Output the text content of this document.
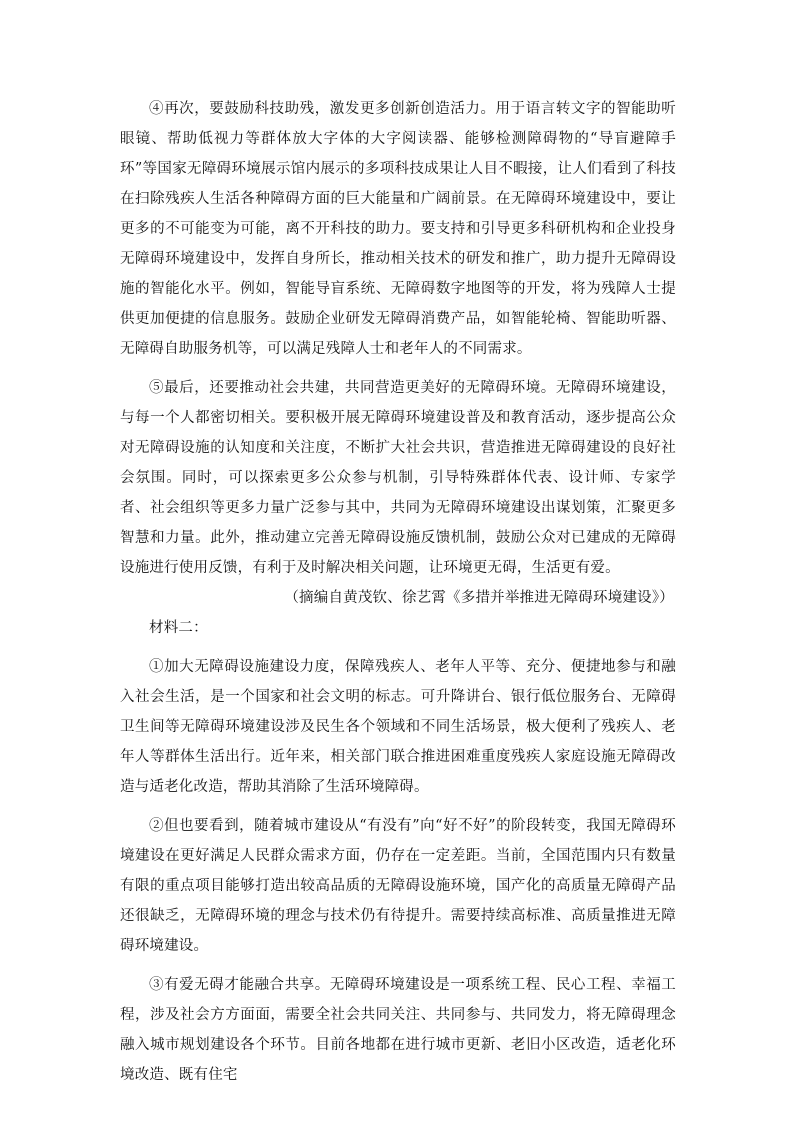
④再次，要鼓励科技助残，激发更多创新创造活力。用于语言转文字的智能助听眼镜、帮助低视力等群体放大字体的大字阅读器、能够检测障碍物的“导盲避障手环”等国家无障碍环境展示馆内展示的多项科技成果让人目不暇接，让人们看到了科技在扫除残疾人生活各种障碍方面的巨大能量和广阔前景。在无障碍环境建设中，要让更多的不可能变为可能，离不开科技的助力。要支持和引导更多科研机构和企业投身无障碍环境建设中，发挥自身所长，推动相关技术的研发和推广，助力提升无障碍设施的智能化水平。例如，智能导盲系统、无障碍数字地图等的开发，将为残障人士提供更加便捷的信息服务。鼓励企业研发无障碍消费产品，如智能轮椅、智能助听器、无障碍自助服务机等，可以满足残障人士和老年人的不同需求。

⑤最后，还要推动社会共建，共同营造更美好的无障碍环境。无障碍环境建设，与每一个人都密切相关。要积极开展无障碍环境建设普及和教育活动，逐步提高公众对无障碍设施的认知度和关注度，不断扩大社会共识，营造推进无障碍建设的良好社会氛围。同时，可以探索更多公众参与机制，引导特殊群体代表、设计师、专家学者、社会组织等更多力量广泛参与其中，共同为无障碍环境建设出谋划策，汇聚更多智慧和力量。此外，推动建立完善无障碍设施反馈机制，鼓励公众对已建成的无障碍设施进行使用反馈，有利于及时解决相关问题，让环境更无碍，生活更有爱。

（摘编自黄茂钦、徐艺霄《多措并举推进无障碍环境建设》）

材料二：

①加大无障碍设施建设力度，保障残疾人、老年人平等、充分、便捷地参与和融入社会生活，是一个国家和社会文明的标志。可升降讲台、银行低位服务台、无障碍卫生间等无障碍环境建设涉及民生各个领域和不同生活场景，极大便利了残疾人、老年人等群体生活出行。近年来，相关部门联合推进困难重度残疾人家庭设施无障碍改造与适老化改造，帮助其消除了生活环境障碍。

②但也要看到，随着城市建设从“有没有”向“好不好”的阶段转变，我国无障碍环境建设在更好满足人民群众需求方面，仍存在一定差距。当前，全国范围内只有数量有限的重点项目能够打造出较高品质的无障碍设施环境，国产化的高质量无障碍产品还很缺乏，无障碍环境的理念与技术仍有待提升。需要持续高标准、高质量推进无障碍环境建设。

③有爱无碍才能融合共享。无障碍环境建设是一项系统工程、民心工程、幸福工程，涉及社会方方面面，需要全社会共同关注、共同参与、共同发力，将无障碍理念融入城市规划建设各个环节。目前各地都在进行城市更新、老旧小区改造，适老化环境改造、既有住宅
